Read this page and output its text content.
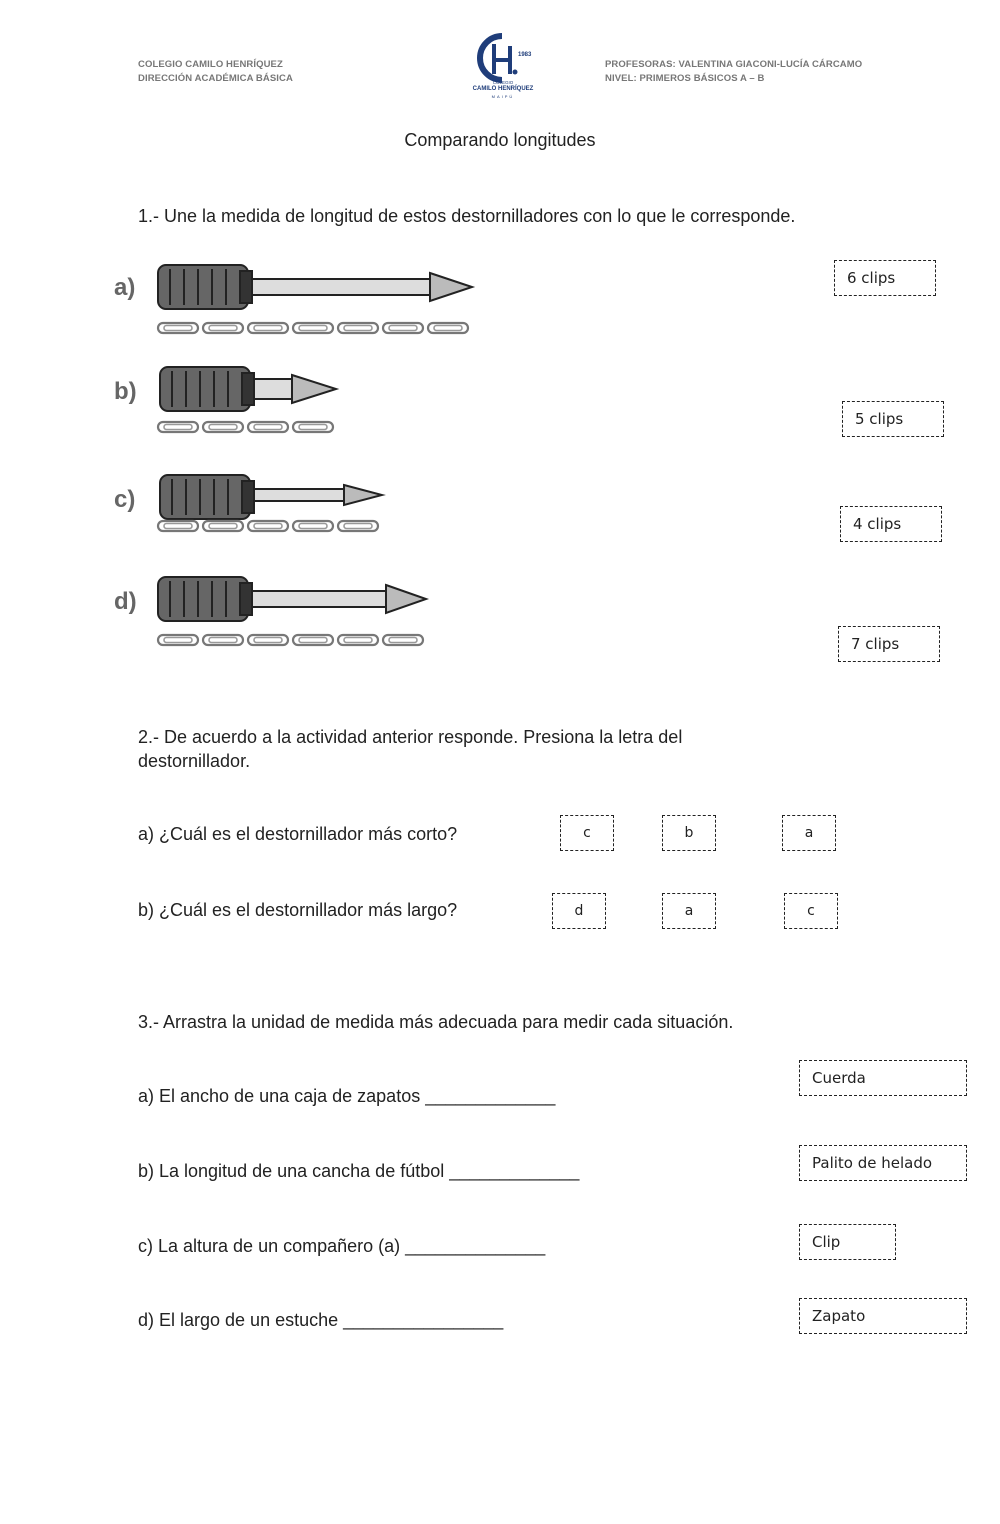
COLEGIO CAMILO HENRÍQUEZ
DIRECCIÓN ACADÉMICA BÁSICA
PROFESORAS: VALENTINA GIACONI-LUCÍA CÁRCAMO
NIVEL: PRIMEROS BÁSICOS A – B
1983
COLEGIO
CAMILO HENRÍQUEZ
MAIPÚ
Comparando longitudes
1.- Une la medida de longitud de estos destornilladores con lo que le corresponde.
a)
b)
c)
d)
6 clips
5 clips
4 clips
7 clips
2.- De acuerdo a la actividad anterior responde. Presiona la letra del destornillador.
a) ¿Cuál es el destornillador más corto?	c	b	a
b) ¿Cuál es el destornillador más largo?	d	a	c
3.- Arrastra la unidad de medida más adecuada para medir cada situación.
a) El ancho de una caja de zapatos _____________
b) La longitud de una cancha de fútbol _____________
c) La altura de un compañero (a) ______________
d) El largo de un estuche ________________
Cuerda
Palito de helado
Clip
Zapato
